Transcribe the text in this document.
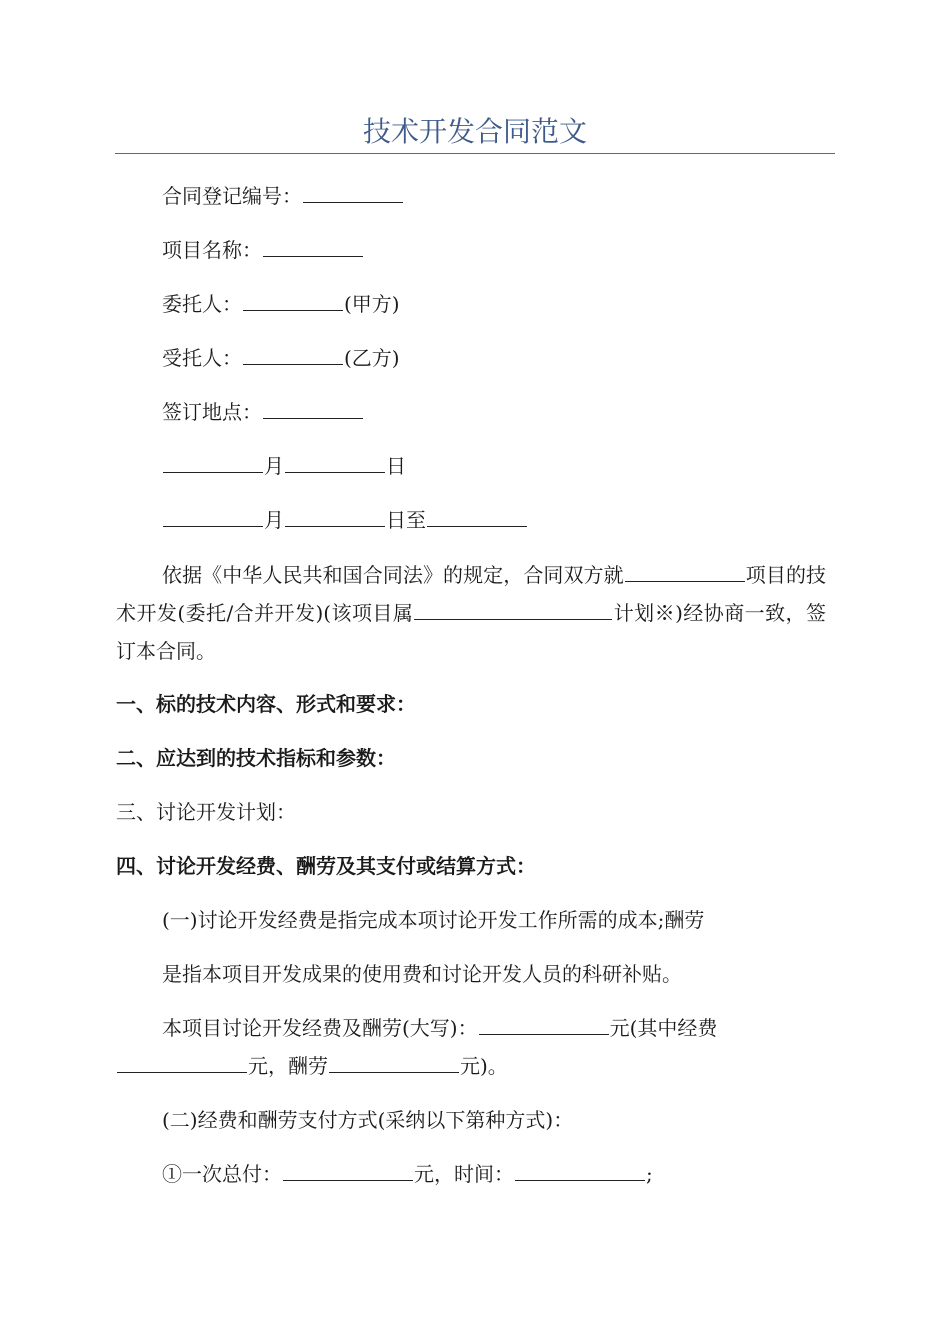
技术开发合同范文
合同登记编号：
项目名称：
委托人：	(甲方)
受托人：	(乙方)
签订地点：
月	日
月	日至
依据《中华人民共和国合同法》的规定，合同双方就	项目的技术开发(委托/合并开发)(该项目属	计划※)经协商一致，签订本合同。
一、标的技术内容、形式和要求：
二、应达到的技术指标和参数：
三、讨论开发计划：
四、讨论开发经费、酬劳及其支付或结算方式：
(一)讨论开发经费是指完成本项讨论开发工作所需的成本;酬劳
是指本项目开发成果的使用费和讨论开发人员的科研补贴。
本项目讨论开发经费及酬劳(大写)：	元(其中经费
元，酬劳	元)。
(二)经费和酬劳支付方式(采纳以下第种方式)：
①一次总付：	元，时间：	;
